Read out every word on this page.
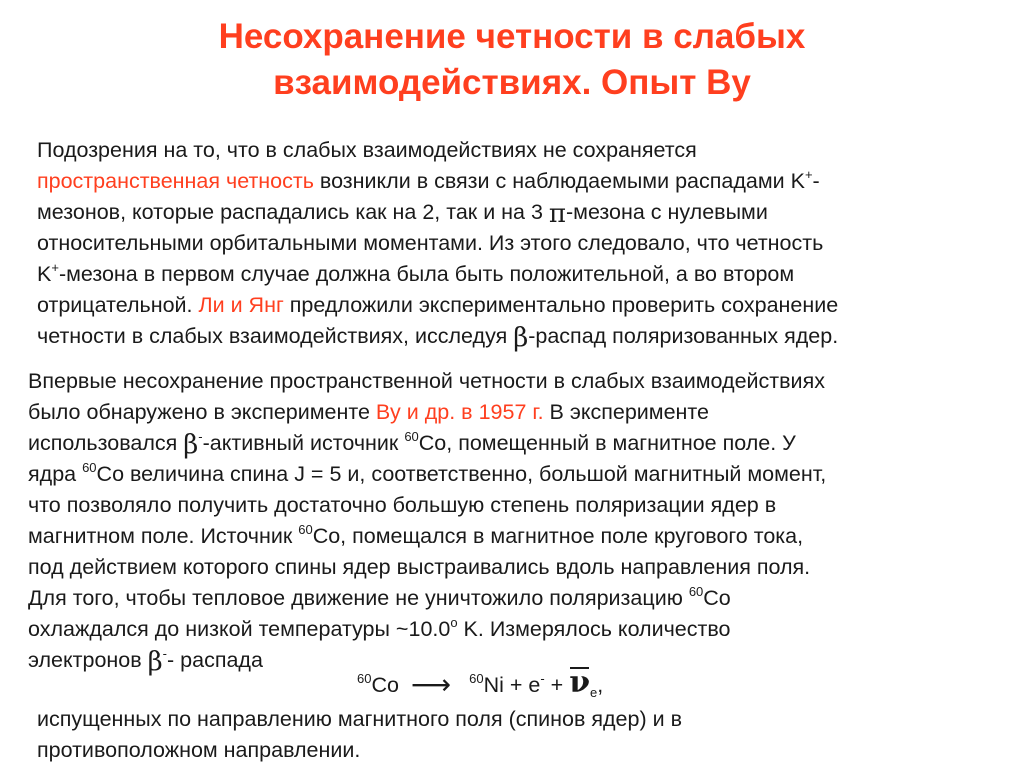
Несохранение четности в слабых
взаимодействиях. Опыт Ву
Подозрения на то, что в слабых взаимодействиях не сохраняется
пространственная четность возникли в связи с наблюдаемыми распадами K+-
мезонов, которые распадались как на 2, так и на 3 π-мезона с нулевыми
относительными орбитальными моментами. Из этого следовало, что четность
K+-мезона в первом случае должна была быть положительной, а во втором
отрицательной. Ли и Янг предложили экспериментально проверить сохранение
четности в слабых взаимодействиях, исследуя β-распад поляризованных ядер.
Впервые несохранение пространственной четности в слабых взаимодействиях
было обнаружено в эксперименте Ву и др. в 1957 г. В эксперименте
использовался β--активный источник $^{60}$Co, помещенный в магнитное поле. У
ядра $^{60}$Co величина спина J = 5 и, соответственно, большой магнитный момент,
что позволяло получить достаточно большую степень поляризации ядер в
магнитном поле. Источник $^{60}$Co, помещался в магнитное поле кругового тока,
под действием которого спины ядер выстраивались вдоль направления поля.
Для того, чтобы тепловое движение не уничтожило поляризацию $^{60}$Co
охлаждался до низкой температуры ~10.0$^o$ K. Измерялось количество
электронов β-- распада
$^{60}$Co ⟶ $^{60}Ni + e^- + \nu_e$,
испущенных по направлению магнитного поля (спинов ядер) и в
противоположном направлении.
